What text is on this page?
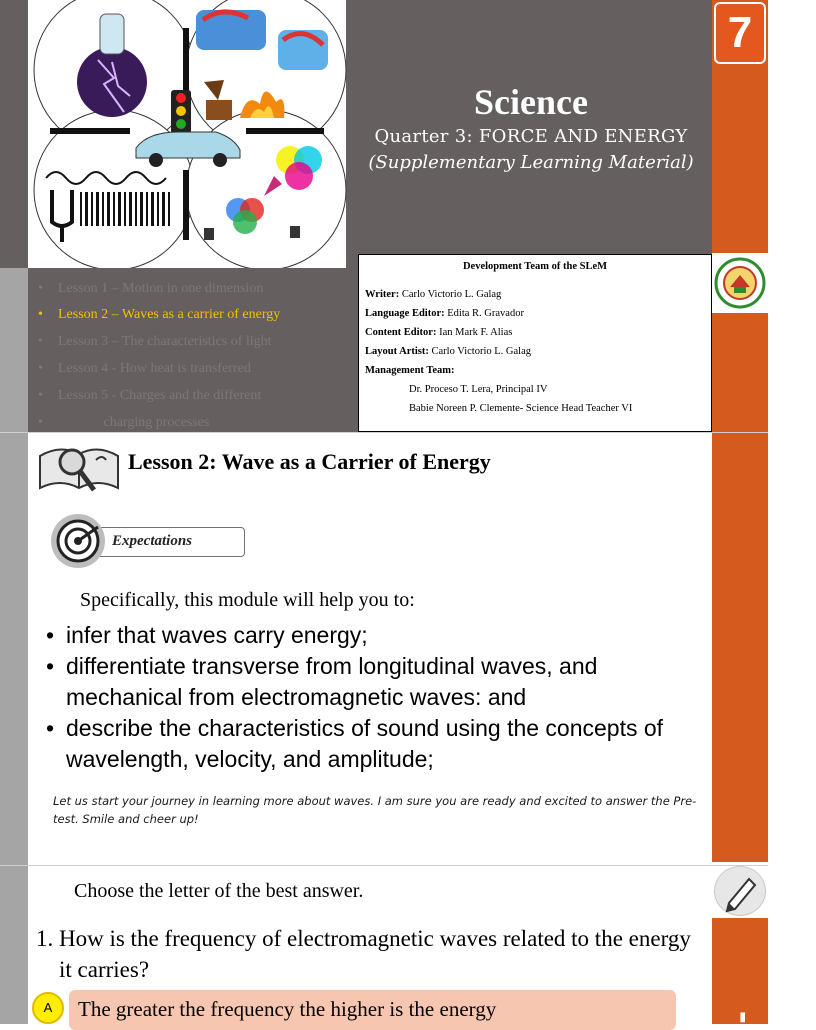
Science
Quarter 3: FORCE AND ENERGY
(Supplementary Learning Material)
7
-test
• Lesson 1 – Motion in one dimension
• Lesson 2 – Waves as a carrier of energy
• Lesson 3 – The characteristics of light
• Lesson 4 - How heat is transferred
• Lesson 5 - Charges and the different
•             charging processes
Development Team of the SLeM
Writer: Carlo Victorio L. Galag
Language Editor: Edita R. Gravador
Content Editor: Ian Mark F. Alias
Layout Artist: Carlo Victorio L. Galag
Management Team:
Dr. Proceso T. Lera, Principal IV
Babie Noreen P. Clemente- Science Head Teacher VI
Lesson 2: Wave as a Carrier of Energy
Expectations
Specifically, this module will help you to:
• infer that waves carry energy;
• differentiate transverse from longitudinal waves, and mechanical from electromagnetic waves: and
• describe the characteristics of sound using the concepts of wavelength, velocity, and amplitude;
Let us start your journey in learning more about waves. I am sure you are ready and excited to answer the Pre-test. Smile and cheer up!
Choose the letter of the best answer.
1. How is the frequency of electromagnetic waves related to the energy it carries?
A	The greater the frequency the higher is the energy
